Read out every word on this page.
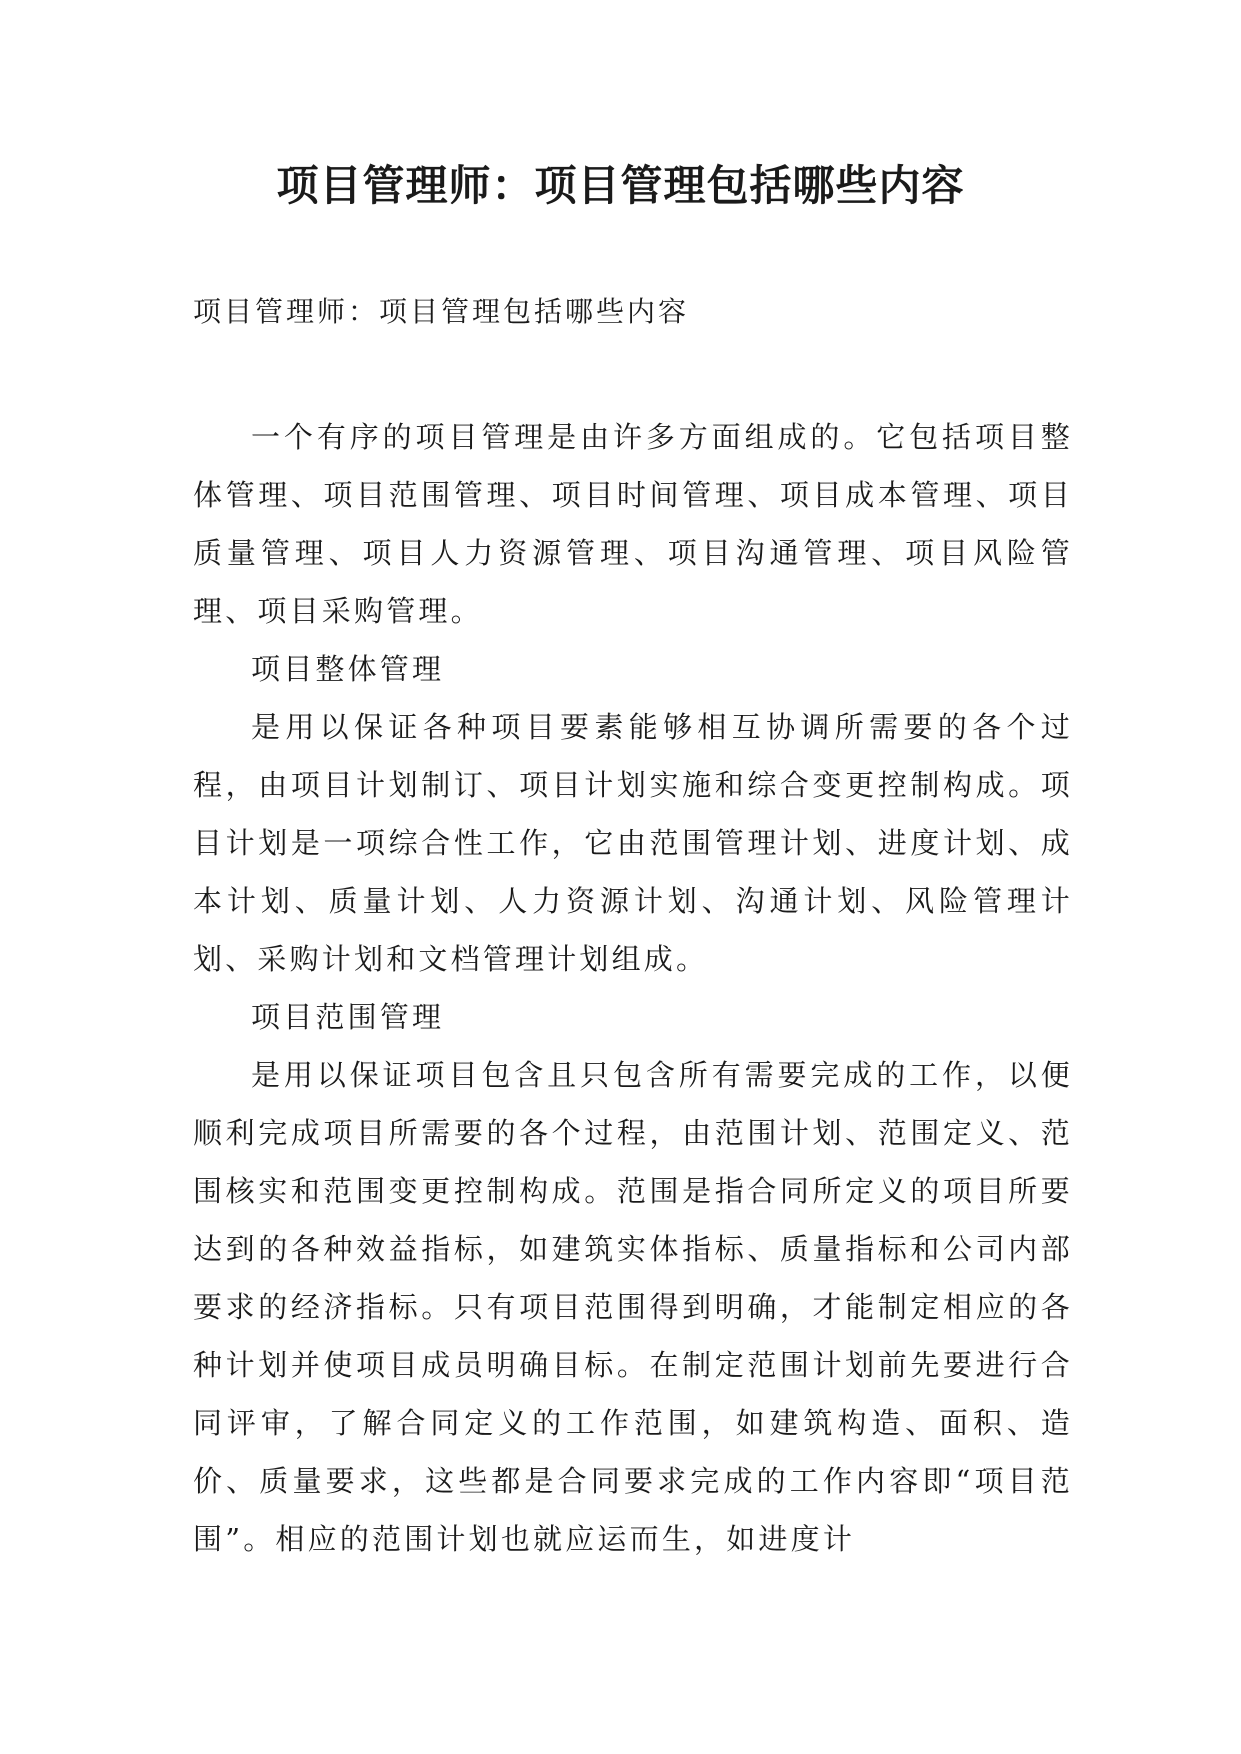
项目管理师：项目管理包括哪些内容

项目管理师：项目管理包括哪些内容

一个有序的项目管理是由许多方面组成的。它包括项目整体管理、项目范围管理、项目时间管理、项目成本管理、项目质量管理、项目人力资源管理、项目沟通管理、项目风险管理、项目采购管理。

项目整体管理

是用以保证各种项目要素能够相互协调所需要的各个过程，由项目计划制订、项目计划实施和综合变更控制构成。项目计划是一项综合性工作，它由范围管理计划、进度计划、成本计划、质量计划、人力资源计划、沟通计划、风险管理计划、采购计划和文档管理计划组成。

项目范围管理

是用以保证项目包含且只包含所有需要完成的工作，以便顺利完成项目所需要的各个过程，由范围计划、范围定义、范围核实和范围变更控制构成。范围是指合同所定义的项目所要达到的各种效益指标，如建筑实体指标、质量指标和公司内部要求的经济指标。只有项目范围得到明确，才能制定相应的各种计划并使项目成员明确目标。在制定范围计划前先要进行合同评审，了解合同定义的工作范围，如建筑构造、面积、造价、质量要求，这些都是合同要求完成的工作内容即“项目范围”。相应的范围计划也就应运而生，如进度计
